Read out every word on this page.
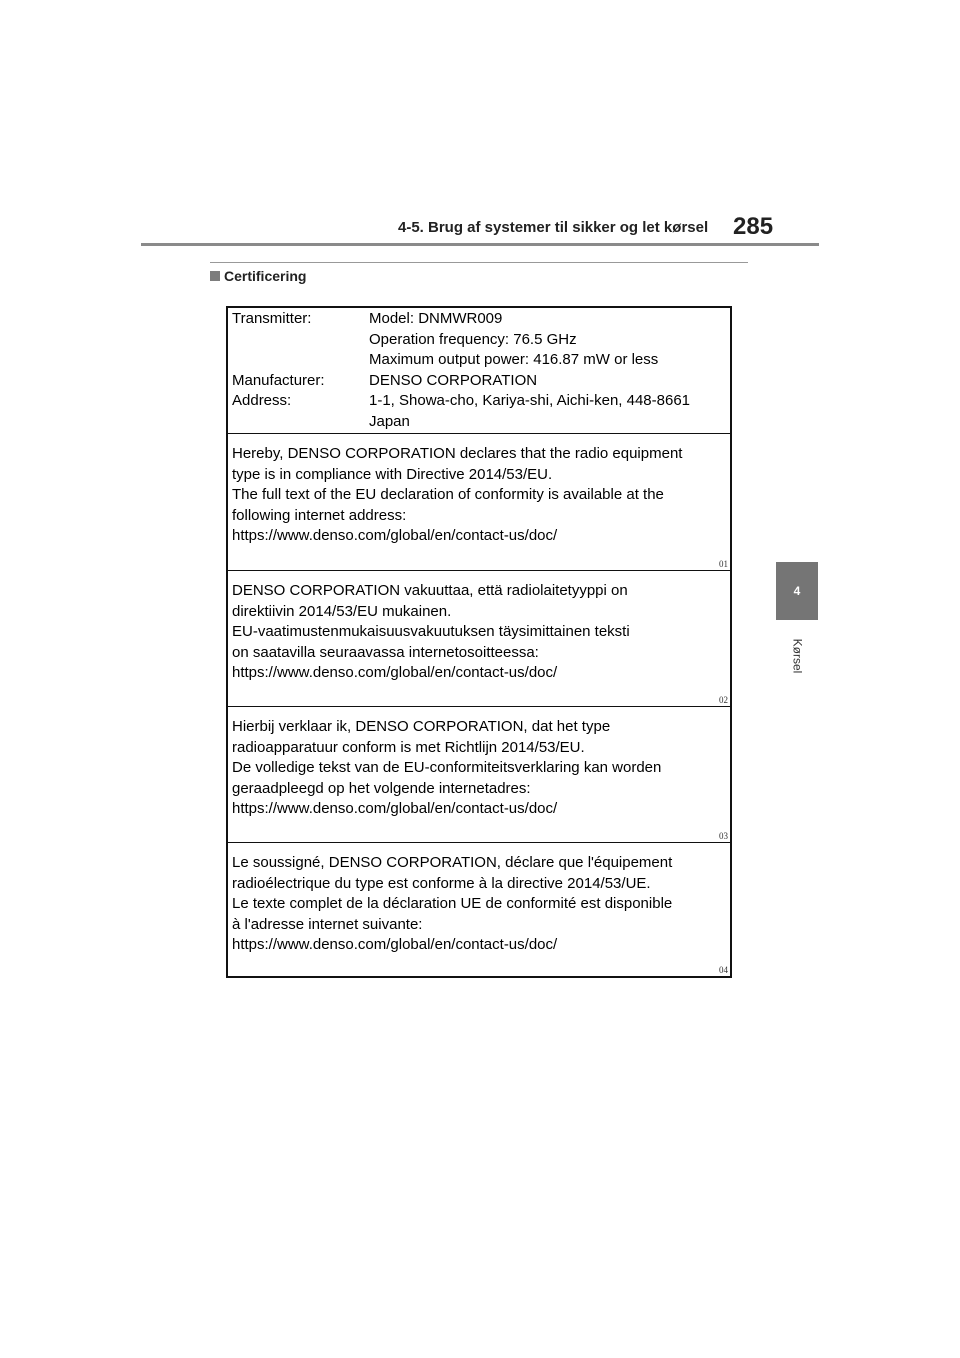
4-5. Brug af systemer til sikker og let kørsel 285
Certificering
4
Kørsel
Transmitter:	Model: DNMWR009
Operation frequency: 76.5 GHz
Maximum output power: 416.87 mW or less
Manufacturer:	DENSO CORPORATION
Address:	1-1, Showa-cho, Kariya-shi, Aichi-ken, 448-8661
Japan
Hereby, DENSO CORPORATION declares that the radio equipment
type is in compliance with Directive 2014/53/EU.
The full text of the EU declaration of conformity is available at the
following internet address:
https://www.denso.com/global/en/contact-us/doc/
01
DENSO CORPORATION vakuuttaa, että radiolaitetyyppi on
direktiivin 2014/53/EU mukainen.
EU-vaatimustenmukaisuusvakuutuksen täysimittainen teksti
on saatavilla seuraavassa internetosoitteessa:
https://www.denso.com/global/en/contact-us/doc/
02
Hierbij verklaar ik, DENSO CORPORATION, dat het type
radioapparatuur conform is met Richtlijn 2014/53/EU.
De volledige tekst van de EU-conformiteitsverklaring kan worden
geraadpleegd op het volgende internetadres:
https://www.denso.com/global/en/contact-us/doc/
03
Le soussigné, DENSO CORPORATION, déclare que l'équipement
radioélectrique du type est conforme à la directive 2014/53/UE.
Le texte complet de la déclaration UE de conformité est disponible
à l'adresse internet suivante:
https://www.denso.com/global/en/contact-us/doc/
04
